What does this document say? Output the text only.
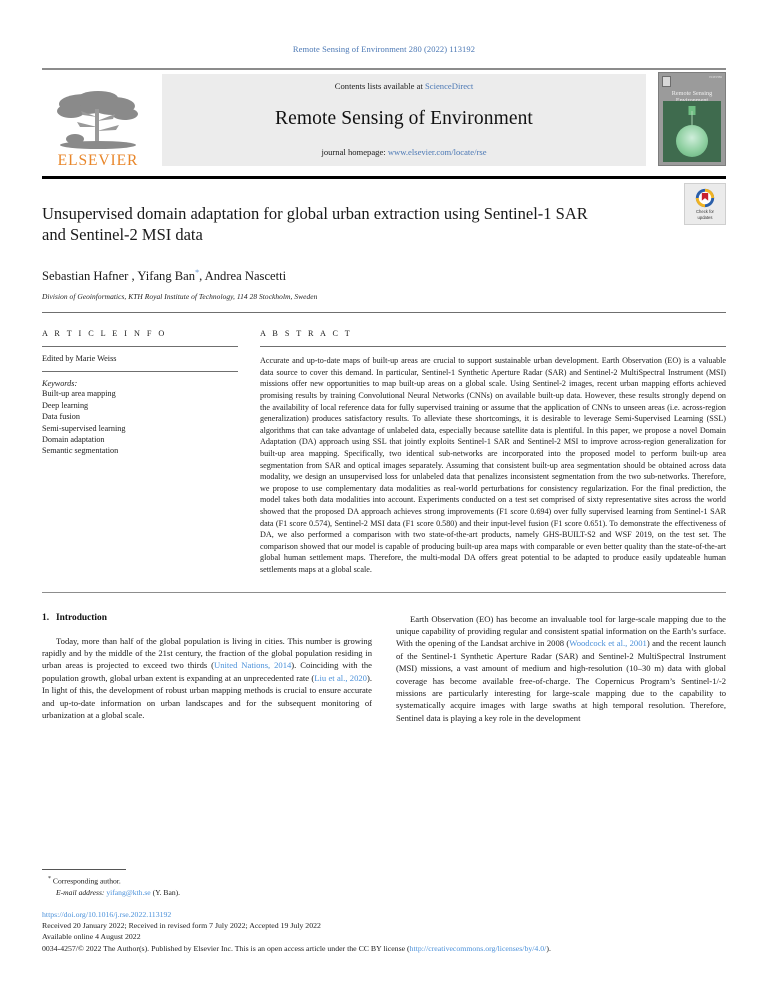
Remote Sensing of Environment 280 (2022) 113192
ELSEVIER
Contents lists available at ScienceDirect
Remote Sensing of Environment
journal homepage: www.elsevier.com/locate/rse
ELSEVIER
Remote Sensing
Unsupervised domain adaptation for global urban extraction using Sentinel-1 SAR and Sentinel-2 MSI data
Check for
updates
Sebastian Hafner , Yifang Ban*, Andrea Nascetti
Division of Geoinformatics, KTH Royal Institute of Technology, 114 28 Stockholm, Sweden
A R T I C L E I N F O
Edited by Marie Weiss
Keywords:
Built-up area mapping
Deep learning
Data fusion
Semi-supervised learning
Domain adaptation
Semantic segmentation
A B S T R A C T
Accurate and up-to-date maps of built-up areas are crucial to support sustainable urban development. Earth Observation (EO) is a valuable data source to cover this demand. In particular, Sentinel-1 Synthetic Aperture Radar (SAR) and Sentinel-2 MultiSpectral Instrument (MSI) missions offer new opportunities to map built-up areas on a global scale. Using Sentinel-2 images, recent urban mapping efforts achieved promising results by training Convolutional Neural Networks (CNNs) on available built-up data. However, these results strongly depend on the availability of local reference data for fully supervised training or assume that the application of CNNs to unseen areas (i.e. across-region generalization) produces satisfactory results. To alleviate these shortcomings, it is desirable to leverage Semi-Supervised Learning (SSL) algorithms that can take advantage of unlabeled data, especially because satellite data is plentiful. In this paper, we propose a novel Domain Adaptation (DA) approach using SSL that jointly exploits Sentinel-1 SAR and Sentinel-2 MSI to improve across-region generalization for built-up area mapping. Specifically, two identical sub-networks are incorporated into the proposed model to perform built-up area segmentation from SAR and optical images separately. Assuming that consistent built-up area segmentation should be obtained across data modality, we design an unsupervised loss for unlabeled data that penalizes inconsistent segmentation from the two sub-networks. Therefore, we propose to use complementary data modalities as real-world perturbations for consistency regularization. For the final prediction, the model takes both data modalities into account. Experiments conducted on a test set comprised of sixty representative sites across the world showed that the proposed DA approach achieves strong improvements (F1 score 0.694) over fully supervised learning from Sentinel-1 SAR data (F1 score 0.574), Sentinel-2 MSI data (F1 score 0.580) and their input-level fusion (F1 score 0.651). To demonstrate the effectiveness of DA, we also performed a comparison with two state-of-the-art products, namely GHS-BUILT-S2 and WSF 2019, on the test set. The comparison showed that our model is capable of producing built-up area maps with comparable or even better quality than the state-of-the-art global human settlement maps. Therefore, the multi-modal DA offers great potential to be adapted to produce easily updateable human settlements maps at a global scale.
1. Introduction
Today, more than half of the global population is living in cities. This number is growing rapidly and by the middle of the 21st century, the fraction of the global population residing in urban areas is projected to exceed two thirds (United Nations, 2014). Coinciding with the population growth, global urban extent is expanding at an unprecedented rate (Liu et al., 2020). In light of this, the development of robust urban mapping methods is crucial to ensure accurate and up-to-date information on urban landscapes and for the subsequent monitoring of urbanization at a global scale.
Earth Observation (EO) has become an invaluable tool for large-scale mapping due to the unique capability of providing regular and consistent spatial information on the Earth’s surface. With the opening of the Landsat archive in 2008 (Woodcock et al., 2001) and the recent launch of the Sentinel-1 Synthetic Aperture Radar (SAR) and Sentinel-2 MultiSpectral Instrument (MSI) missions, a vast amount of medium and high-resolution (10–30 m) data with global coverage has become available free-of-charge. The Copernicus Program’s Sentinel-1/-2 missions are particularly interesting for large-scale mapping due to the capability to systematically acquire images with large swaths at high temporal resolution. Therefore, Sentinel data is playing a key role in the development
* Corresponding author.
E-mail address: yifang@kth.se (Y. Ban).
https://doi.org/10.1016/j.rse.2022.113192
Received 20 January 2022; Received in revised form 7 July 2022; Accepted 19 July 2022
Available online 4 August 2022
0034-4257/© 2022 The Author(s). Published by Elsevier Inc. This is an open access article under the CC BY license (http://creativecommons.org/licenses/by/4.0/).
